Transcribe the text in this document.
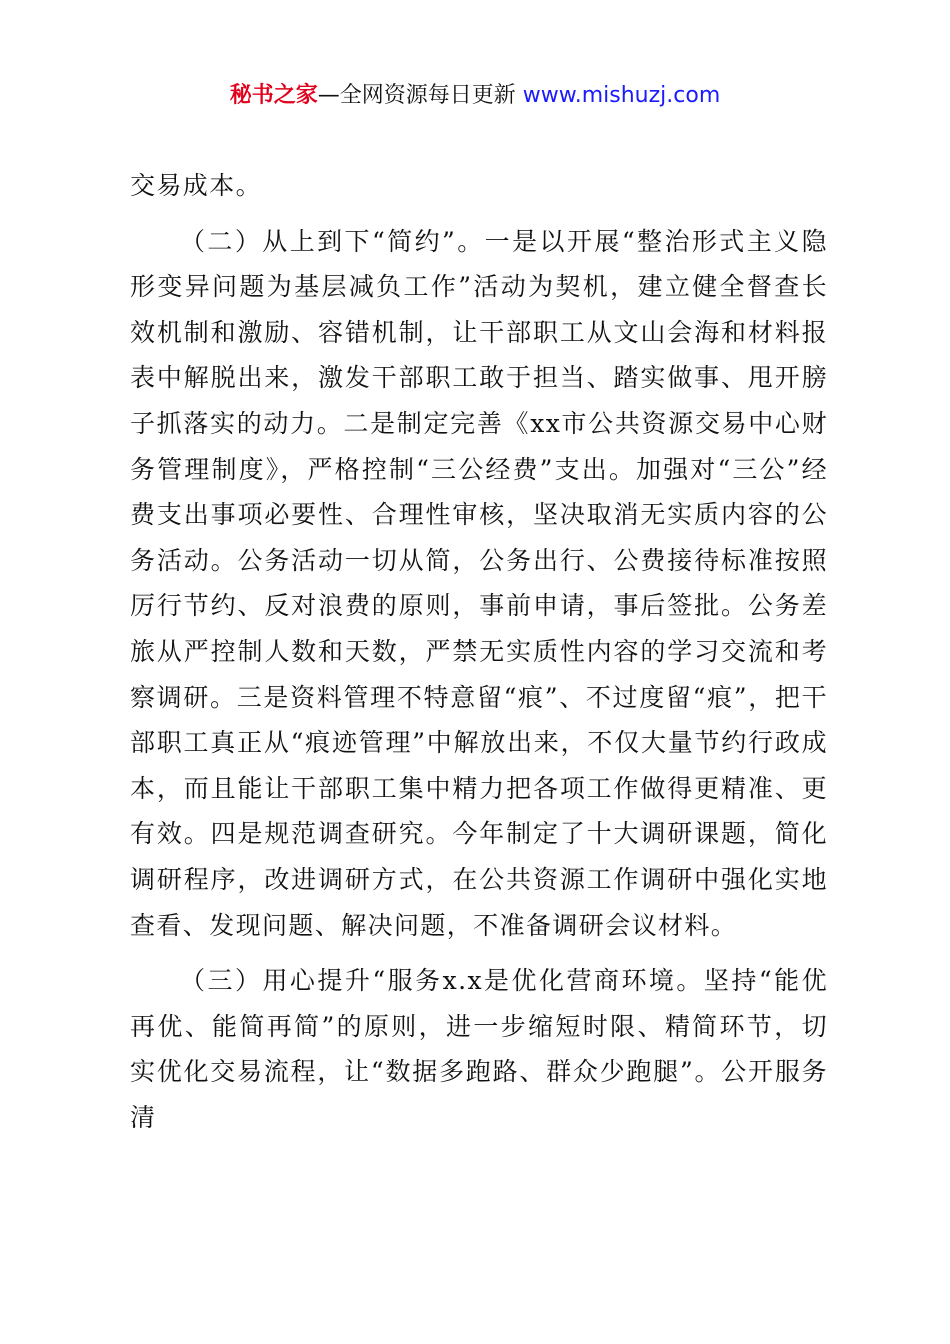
秘书之家—全网资源每日更新 www.mishuzj.com

交易成本。

（二）从上到下“简约”。一是以开展“整治形式主义隐形变异问题为基层减负工作”活动为契机，建立健全督查长效机制和激励、容错机制，让干部职工从文山会海和材料报表中解脱出来，激发干部职工敢于担当、踏实做事、甩开膀子抓落实的动力。二是制定完善《xx市公共资源交易中心财务管理制度》，严格控制“三公经费”支出。加强对“三公”经费支出事项必要性、合理性审核，坚决取消无实质内容的公务活动。公务活动一切从简，公务出行、公费接待标准按照厉行节约、反对浪费的原则，事前申请，事后签批。公务差旅从严控制人数和天数，严禁无实质性内容的学习交流和考察调研。三是资料管理不特意留“痕”、不过度留“痕”，把干部职工真正从“痕迹管理”中解放出来，不仅大量节约行政成本，而且能让干部职工集中精力把各项工作做得更精准、更有效。四是规范调查研究。今年制定了十大调研课题，简化调研程序，改进调研方式，在公共资源工作调研中强化实地查看、发现问题、解决问题，不准备调研会议材料。

（三）用心提升“服务x.x是优化营商环境。坚持“能优再优、能简再简”的原则，进一步缩短时限、精简环节，切实优化交易流程，让“数据多跑路、群众少跑腿”。公开服务清
